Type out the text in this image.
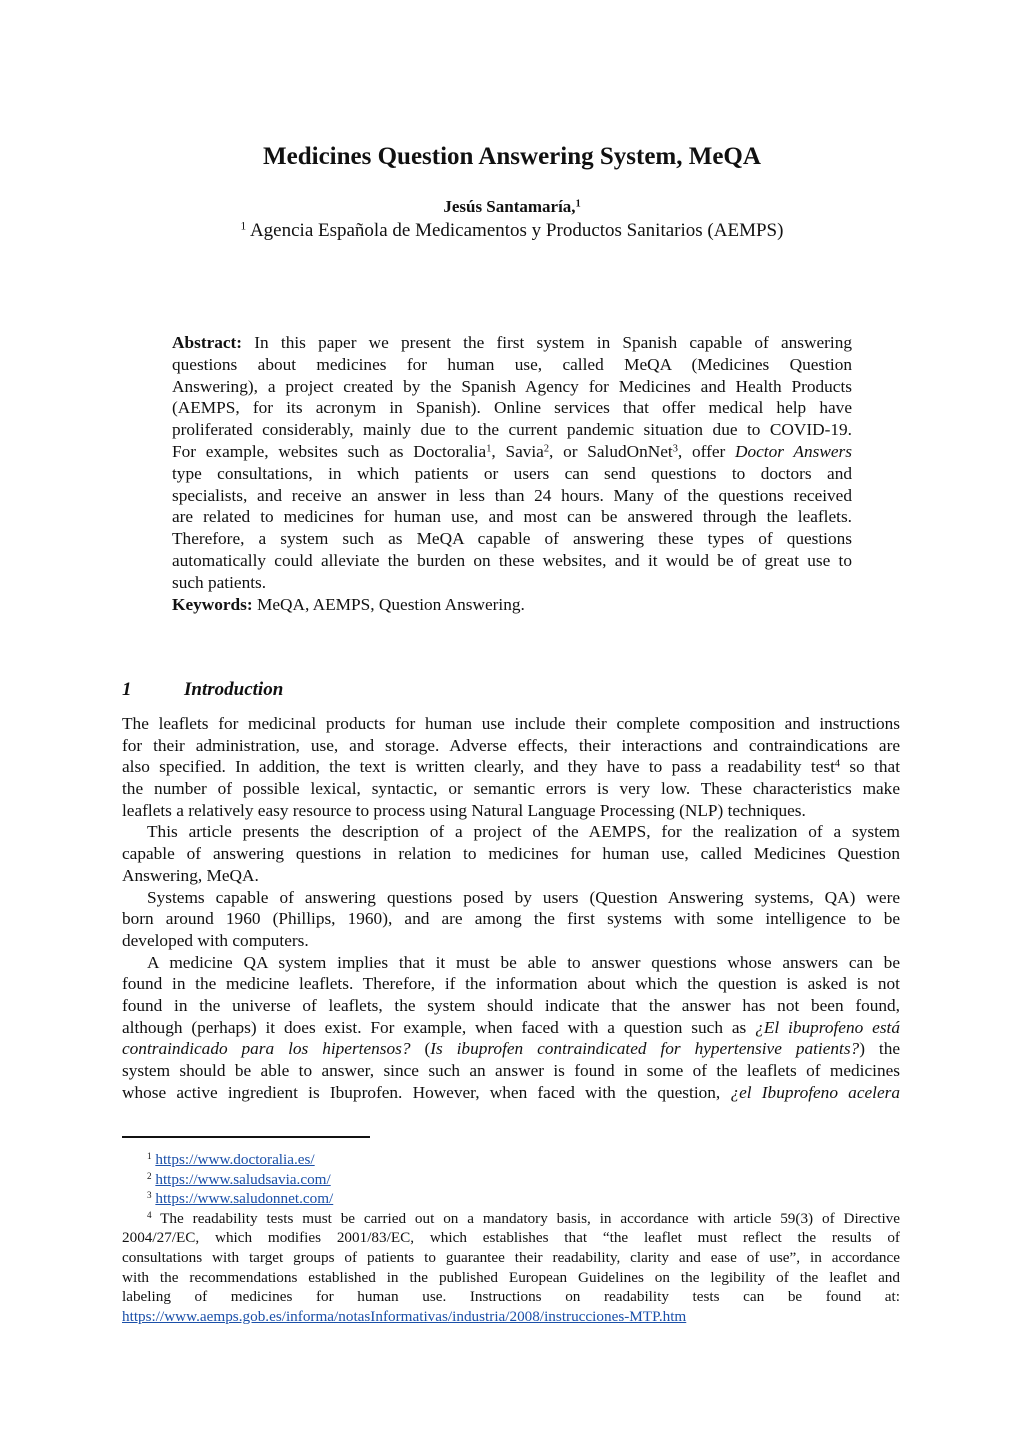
Medicines Question Answering System, MeQA
Jesús Santamaría,$^1$
$^1$ Agencia Española de Medicamentos y Productos Sanitarios (AEMPS)
Abstract: In this paper we present the first system in Spanish capable of answering
questions about medicines for human use, called MeQA (Medicines Question
Answering), a project created by the Spanish Agency for Medicines and Health Products
(AEMPS, for its acronym in Spanish). Online services that offer medical help have
proliferated considerably, mainly due to the current pandemic situation due to COVID-19.
For example, websites such as Doctoralia$^1$, Savia$^2$, or SaludOnNet$^3$, offer Doctor Answers
type consultations, in which patients or users can send questions to doctors and
specialists, and receive an answer in less than 24 hours. Many of the questions received
are related to medicines for human use, and most can be answered through the leaflets.
Therefore, a system such as MeQA capable of answering these types of questions
automatically could alleviate the burden on these websites, and it would be of great use to
such patients.
Keywords: MeQA, AEMPS, Question Answering.
1	Introduction
The leaflets for medicinal products for human use include their complete composition and instructions
for their administration, use, and storage. Adverse effects, their interactions and contraindications are
also specified. In addition, the text is written clearly, and they have to pass a readability test$^4$ so that
the number of possible lexical, syntactic, or semantic errors is very low. These characteristics make
leaflets a relatively easy resource to process using Natural Language Processing (NLP) techniques.
This article presents the description of a project of the AEMPS, for the realization of a system
capable of answering questions in relation to medicines for human use, called Medicines Question
Answering, MeQA.
Systems capable of answering questions posed by users (Question Answering systems, QA) were
born around 1960 (Phillips, 1960), and are among the first systems with some intelligence to be
developed with computers.
A medicine QA system implies that it must be able to answer questions whose answers can be
found in the medicine leaflets. Therefore, if the information about which the question is asked is not
found in the universe of leaflets, the system should indicate that the answer has not been found,
although (perhaps) it does exist. For example, when faced with a question such as ¿El ibuprofeno está
contraindicado para los hipertensos? (Is ibuprofen contraindicated for hypertensive patients?) the
system should be able to answer, since such an answer is found in some of the leaflets of medicines
whose active ingredient is Ibuprofen. However, when faced with the question, ¿el Ibuprofeno acelera
$^1$ https://www.doctoralia.es/
$^2$ https://www.saludsavia.com/
$^3$ https://www.saludonnet.com/
$^4$ The readability tests must be carried out on a mandatory basis, in accordance with article 59(3) of Directive
2004/27/EC, which modifies 2001/83/EC, which establishes that “the leaflet must reflect the results of
consultations with target groups of patients to guarantee their readability, clarity and ease of use”, in accordance
with the recommendations established in the published European Guidelines on the legibility of the leaflet and
labeling of medicines for human use. Instructions on readability tests can be found at:
https://www.aemps.gob.es/informa/notasInformativas/industria/2008/instrucciones-MTP.htm
